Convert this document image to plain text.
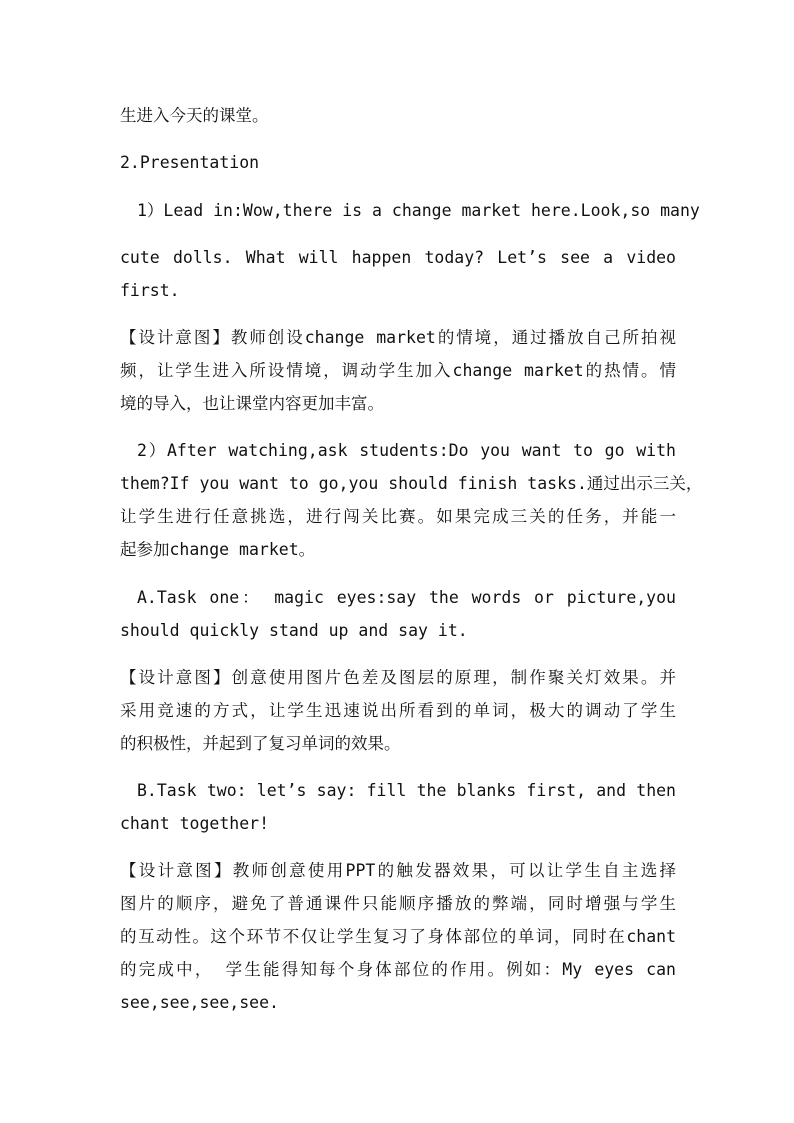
生进入今天的课堂。
2.Presentation
1）Lead in:Wow,there is a change market here.Look,so many
cute dolls. What will happen today? Let’s see a video
first.
【设计意图】教师创设change market的情境，通过播放自己所拍视
频，让学生进入所设情境，调动学生加入change market的热情。情
境的导入，也让课堂内容更加丰富。
2）After watching,ask students:Do you want to go with
them?If you want to go,you should finish tasks.通过出示三关，
让学生进行任意挑选，进行闯关比赛。如果完成三关的任务，并能一
起参加change market。
A.Task one： magic eyes:say the words or picture,you
should quickly stand up and say it.
【设计意图】创意使用图片色差及图层的原理，制作聚关灯效果。并
采用竞速的方式，让学生迅速说出所看到的单词，极大的调动了学生
的积极性，并起到了复习单词的效果。
B.Task two: let’s say: fill the blanks first, and then
chant together!
【设计意图】教师创意使用PPT的触发器效果，可以让学生自主选择
图片的顺序，避免了普通课件只能顺序播放的弊端，同时增强与学生
的互动性。这个环节不仅让学生复习了身体部位的单词，同时在chant
的完成中， 学生能得知每个身体部位的作用。例如：My eyes can
see,see,see,see.
